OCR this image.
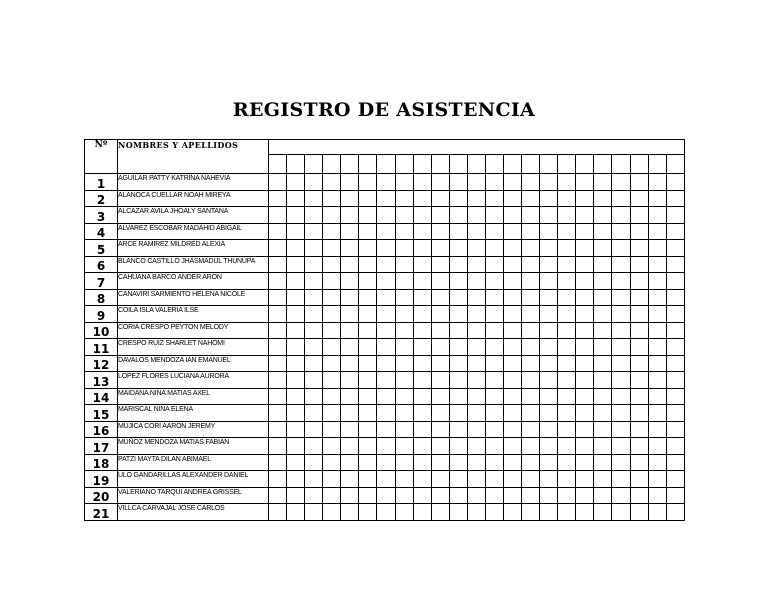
REGISTRO DE ASISTENCIA
Nº	NOMBRES Y APELLIDOS																							

1	AGUILAR PATTY KATRINA NAHEVIA																							
2	ALANOCA CUELLAR NOAH MIREYA																							
3	ALCAZAR AVILA JHOALY SANTANA																							
4	ALVAREZ ESCOBAR MADAHID ABIGAIL																							
5	ARCE RAMIREZ MILDRED ALEXIA																							
6	BLANCO CASTILLO JHASMADUL THUNUPA																							
7	CAHUANA BARCO ANDER ARON																							
8	CANAVIRI SARMIENTO HELENA NICOLE																							
9	COILA ISLA VALERIA ILSE																							
10	CORIA CRESPO PEYTON MELODY																							
11	CRESPO RUIZ SHARLET NAHOMI																							
12	DAVALOS MENDOZA IAN EMANUEL																							
13	LOPEZ FLORES LUCIANA AURORA																							
14	MAIDANA NINA MATIAS AXEL																							
15	MARISCAL NINA ELENA																							
16	MUJICA CORI AARON JEREMY																							
17	MUÑOZ MENDOZA MATIAS FABIAN																							
18	PATZI MAYTA DILAN ABIMAEL																							
19	ULO GANDARILLAS ALEXANDER DANIEL																							
20	VALERIANO TARQUI ANDREA GRISSEL																							
21	VILLCA CARVAJAL JOSE CARLOS																							
